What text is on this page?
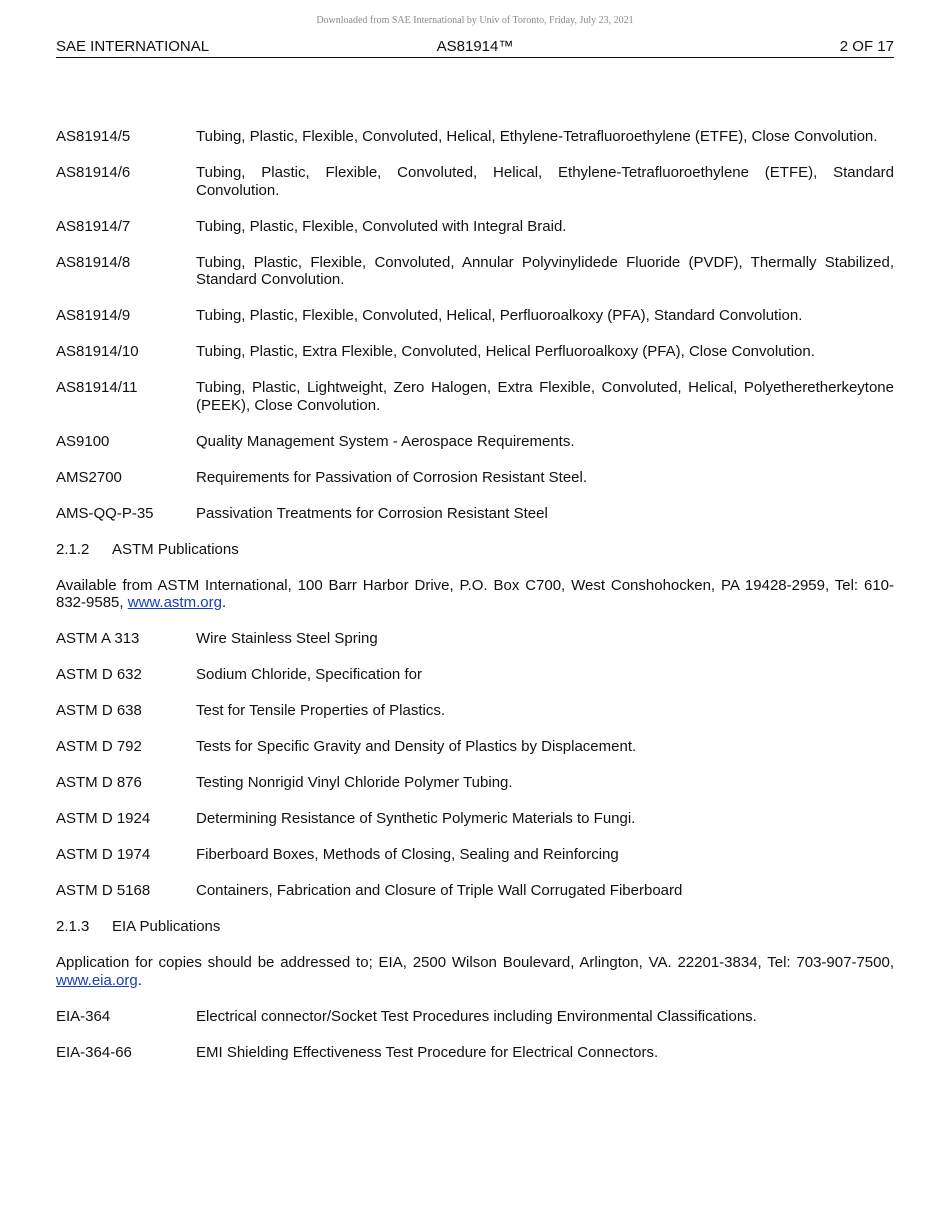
Downloaded from SAE International by Univ of Toronto, Friday, July 23, 2021
SAE INTERNATIONAL	AS81914™	2 OF 17
AS81914/5	Tubing, Plastic, Flexible, Convoluted, Helical, Ethylene-Tetrafluoroethylene (ETFE), Close Convolution.
AS81914/6	Tubing, Plastic, Flexible, Convoluted, Helical, Ethylene-Tetrafluoroethylene (ETFE), Standard Convolution.
AS81914/7	Tubing, Plastic, Flexible, Convoluted with Integral Braid.
AS81914/8	Tubing, Plastic, Flexible, Convoluted, Annular Polyvinylidede Fluoride (PVDF), Thermally Stabilized, Standard Convolution.
AS81914/9	Tubing, Plastic, Flexible, Convoluted, Helical, Perfluoroalkoxy (PFA), Standard Convolution.
AS81914/10	Tubing, Plastic, Extra Flexible, Convoluted, Helical Perfluoroalkoxy (PFA), Close Convolution.
AS81914/11	Tubing, Plastic, Lightweight, Zero Halogen, Extra Flexible, Convoluted, Helical, Polyetheretherkeytone (PEEK), Close Convolution.
AS9100	Quality Management System - Aerospace Requirements.
AMS2700	Requirements for Passivation of Corrosion Resistant Steel.
AMS-QQ-P-35	Passivation Treatments for Corrosion Resistant Steel
2.1.2	ASTM Publications
Available from ASTM International, 100 Barr Harbor Drive, P.O. Box C700, West Conshohocken, PA 19428-2959, Tel: 610-832-9585, www.astm.org.
ASTM A 313	Wire Stainless Steel Spring
ASTM D 632	Sodium Chloride, Specification for
ASTM D 638	Test for Tensile Properties of Plastics.
ASTM D 792	Tests for Specific Gravity and Density of Plastics by Displacement.
ASTM D 876	Testing Nonrigid Vinyl Chloride Polymer Tubing.
ASTM D 1924	Determining Resistance of Synthetic Polymeric Materials to Fungi.
ASTM D 1974	Fiberboard Boxes, Methods of Closing, Sealing and Reinforcing
ASTM D 5168	Containers, Fabrication and Closure of Triple Wall Corrugated Fiberboard
2.1.3	EIA Publications
Application for copies should be addressed to; EIA, 2500 Wilson Boulevard, Arlington, VA. 22201-3834, Tel: 703-907-7500, www.eia.org.
EIA-364	Electrical connector/Socket Test Procedures including Environmental Classifications.
EIA-364-66	EMI Shielding Effectiveness Test Procedure for Electrical Connectors.
